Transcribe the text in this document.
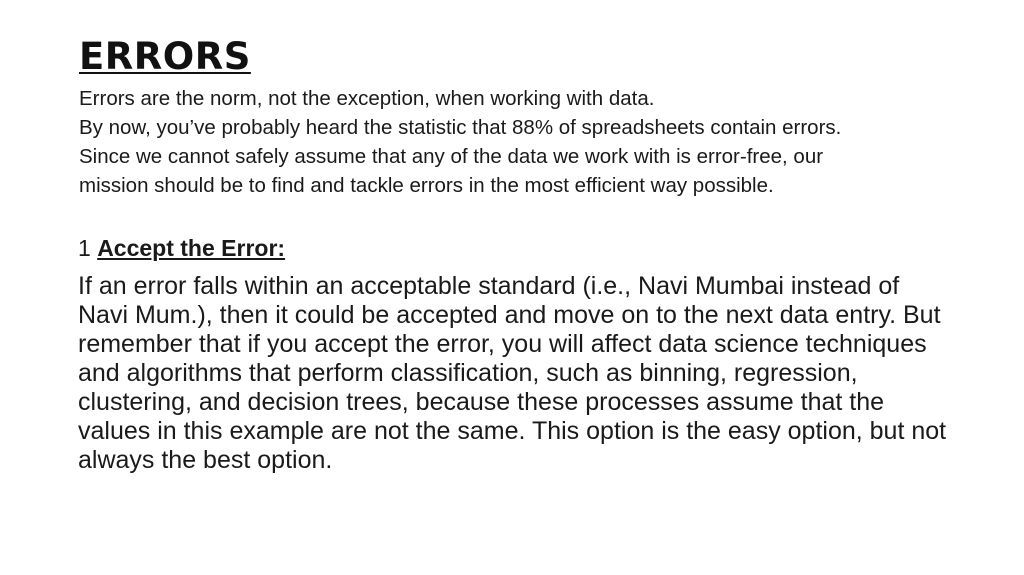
ERRORS

Errors are the norm, not the exception, when working with data.

By now, you’ve probably heard the statistic that 88% of spreadsheets contain errors. Since we cannot safely assume that any of the data we work with is error-free, our mission should be to find and tackle errors in the most efficient way possible.

1 Accept the Error:

If an error falls within an acceptable standard (i.e., Navi Mumbai instead of Navi Mum.), then it could be accepted and move on to the next data entry. But remember that if you accept the error, you will affect data science techniques and algorithms that perform classification, such as binning, regression, clustering, and decision trees, because these processes assume that the values in this example are not the same. This option is the easy option, but not always the best option.
